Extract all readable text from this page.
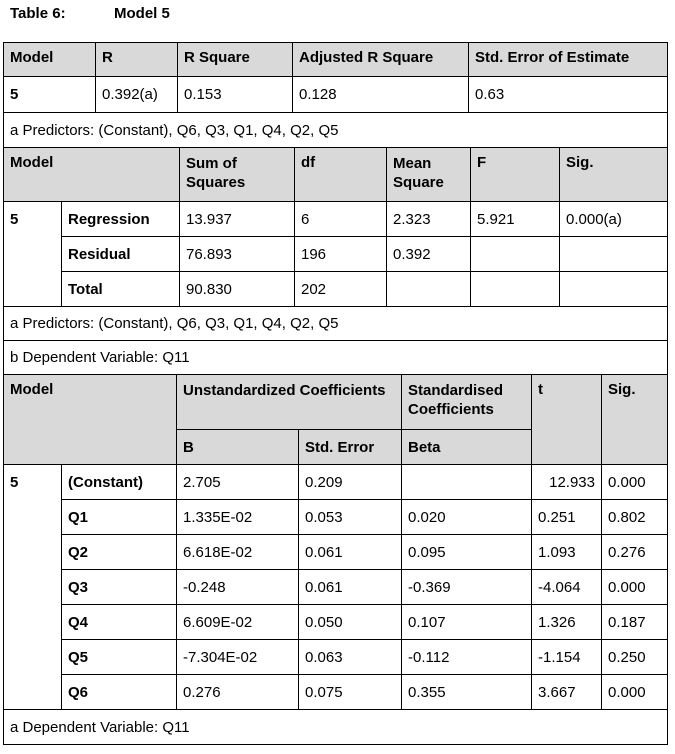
Table 6:	Model 5
Model	R	R Square	Adjusted R Square	Std. Error of Estimate
5	0.392(a)	0.153	0.128	0.63
a Predictors: (Constant), Q6, Q3, Q1, Q4, Q2, Q5				
Model		Sum of Squares	df	Mean Square	F	Sig.
5	Regression	13.937	6	2.323	5.921	0.000(a)
	Residual	76.893	196	0.392		
	Total	90.830	202			
a Predictors: (Constant), Q6, Q3, Q1, Q4, Q2, Q5						
b Dependent Variable: Q11						
Model		Unstandardized Coefficients		Standardised Coefficients	t	Sig.
		B	Std. Error	Beta		
5	(Constant)	2.705	0.209		12.933	0.000
	Q1	1.335E-02	0.053	0.020	0.251	0.802
	Q2	6.618E-02	0.061	0.095	1.093	0.276
	Q3	-0.248	0.061	-0.369	-4.064	0.000
	Q4	6.609E-02	0.050	0.107	1.326	0.187
	Q5	-7.304E-02	0.063	-0.112	-1.154	0.250
	Q6	0.276	0.075	0.355	3.667	0.000
a Dependent Variable: Q11						
